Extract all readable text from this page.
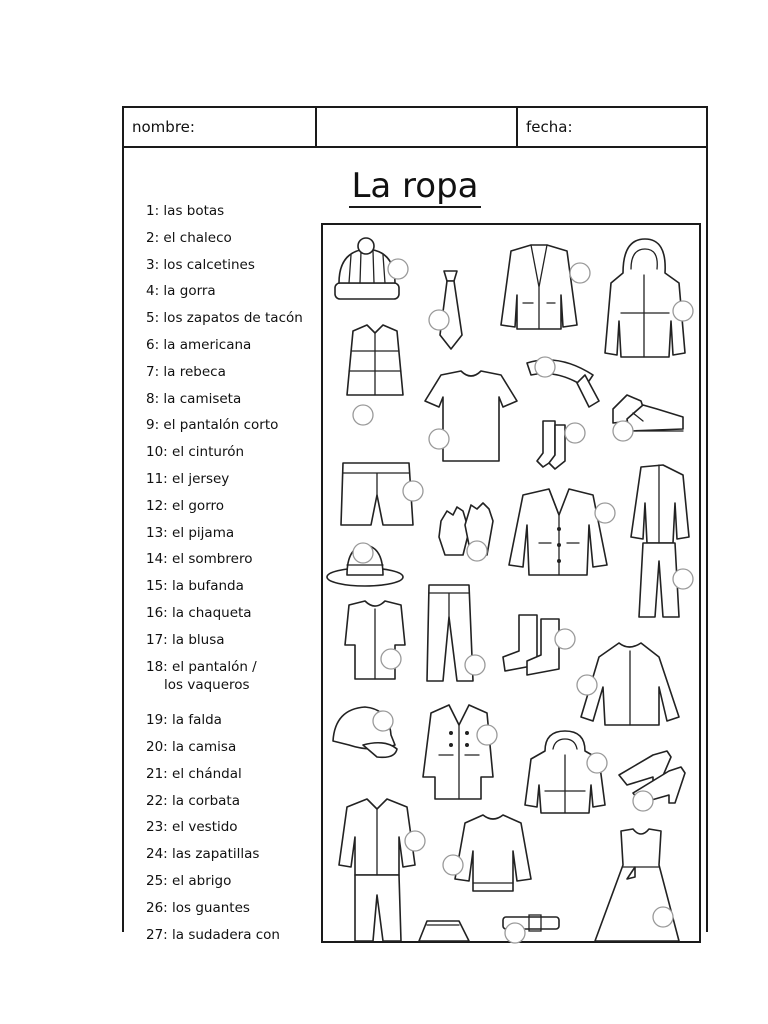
nombre:	fecha:
La ropa
1: las botas
2: el chaleco
3: los calcetines
4: la gorra
5: los zapatos de tacón
6: la americana
7: la rebeca
8: la camiseta
9: el pantalón corto
10: el cinturón
11: el jersey
12: el gorro
13: el pijama
14: el sombrero
15: la bufanda
16: la chaqueta
17: la blusa
18: el pantalón /
los vaqueros
19: la falda
20: la camisa
21: el chándal
22: la corbata
23: el vestido
24: las zapatillas
25: el abrigo
26: los guantes
27: la sudadera con
